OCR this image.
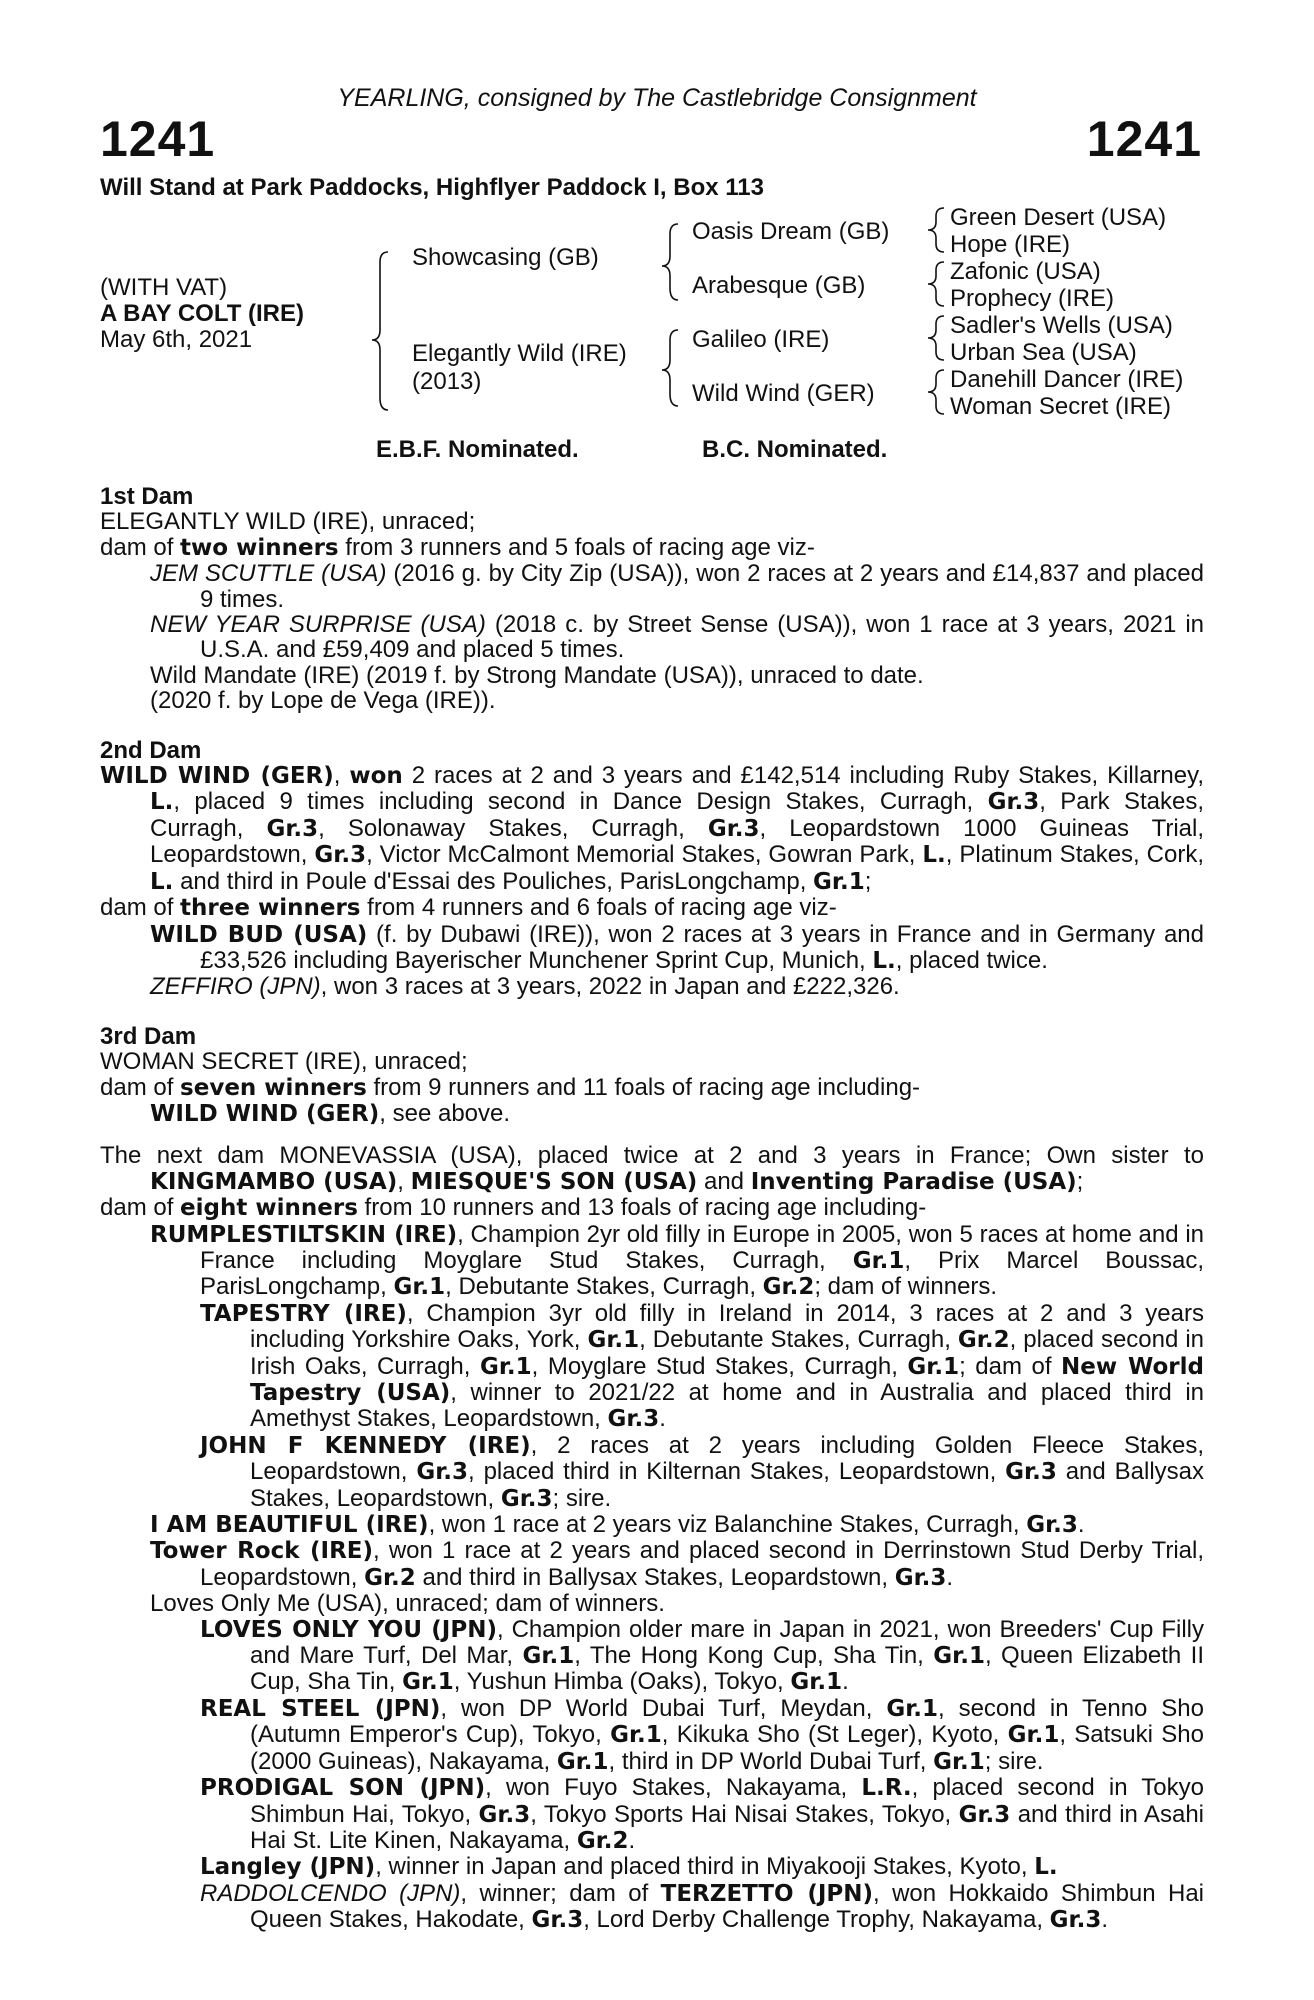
YEARLING, consigned by The Castlebridge Consignment
1241	1241
Will Stand at Park Paddocks, Highflyer Paddock I, Box 113
(WITH VAT)
A BAY COLT (IRE)
May 6th, 2021
Showcasing (GB)
Elegantly Wild (IRE)
(2013)
Oasis Dream (GB)
Arabesque (GB)
Galileo (IRE)
Wild Wind (GER)
Green Desert (USA)
Hope (IRE)
Zafonic (USA)
Prophecy (IRE)
Sadler's Wells (USA)
Urban Sea (USA)
Danehill Dancer (IRE)
Woman Secret (IRE)
E.B.F. Nominated.	B.C. Nominated.

1st Dam

ELEGANTLY WILD (IRE), unraced;

dam of two winners from 3 runners and 5 foals of racing age viz-

JEM SCUTTLE (USA) (2016 g. by City Zip (USA)), won 2 races at 2 years and £14,837 and placed 9 times.

NEW YEAR SURPRISE (USA) (2018 c. by Street Sense (USA)), won 1 race at 3 years, 2021 in U.S.A. and £59,409 and placed 5 times.

Wild Mandate (IRE) (2019 f. by Strong Mandate (USA)), unraced to date.

(2020 f. by Lope de Vega (IRE)).

2nd Dam

WILD WIND (GER), won 2 races at 2 and 3 years and £142,514 including Ruby Stakes, Killarney, L., placed 9 times including second in Dance Design Stakes, Curragh, Gr.3, Park Stakes, Curragh, Gr.3, Solonaway Stakes, Curragh, Gr.3, Leopardstown 1000 Guineas Trial, Leopardstown, Gr.3, Victor McCalmont Memorial Stakes, Gowran Park, L., Platinum Stakes, Cork, L. and third in Poule d'Essai des Pouliches, ParisLongchamp, Gr.1;

dam of three winners from 4 runners and 6 foals of racing age viz-

WILD BUD (USA) (f. by Dubawi (IRE)), won 2 races at 3 years in France and in Germany and £33,526 including Bayerischer Munchener Sprint Cup, Munich, L., placed twice.

ZEFFIRO (JPN), won 3 races at 3 years, 2022 in Japan and £222,326.

3rd Dam

WOMAN SECRET (IRE), unraced;

dam of seven winners from 9 runners and 11 foals of racing age including-

WILD WIND (GER), see above.

The next dam MONEVASSIA (USA), placed twice at 2 and 3 years in France; Own sister to KINGMAMBO (USA), MIESQUE'S SON (USA) and Inventing Paradise (USA);

dam of eight winners from 10 runners and 13 foals of racing age including-

RUMPLESTILTSKIN (IRE), Champion 2yr old filly in Europe in 2005, won 5 races at home and in France including Moyglare Stud Stakes, Curragh, Gr.1, Prix Marcel Boussac, ParisLongchamp, Gr.1, Debutante Stakes, Curragh, Gr.2; dam of winners.

TAPESTRY (IRE), Champion 3yr old filly in Ireland in 2014, 3 races at 2 and 3 years including Yorkshire Oaks, York, Gr.1, Debutante Stakes, Curragh, Gr.2, placed second in Irish Oaks, Curragh, Gr.1, Moyglare Stud Stakes, Curragh, Gr.1; dam of New World Tapestry (USA), winner to 2021/22 at home and in Australia and placed third in Amethyst Stakes, Leopardstown, Gr.3.

JOHN F KENNEDY (IRE), 2 races at 2 years including Golden Fleece Stakes, Leopardstown, Gr.3, placed third in Kilternan Stakes, Leopardstown, Gr.3 and Ballysax Stakes, Leopardstown, Gr.3; sire.

I AM BEAUTIFUL (IRE), won 1 race at 2 years viz Balanchine Stakes, Curragh, Gr.3.

Tower Rock (IRE), won 1 race at 2 years and placed second in Derrinstown Stud Derby Trial, Leopardstown, Gr.2 and third in Ballysax Stakes, Leopardstown, Gr.3.

Loves Only Me (USA), unraced; dam of winners.

LOVES ONLY YOU (JPN), Champion older mare in Japan in 2021, won Breeders' Cup Filly and Mare Turf, Del Mar, Gr.1, The Hong Kong Cup, Sha Tin, Gr.1, Queen Elizabeth II Cup, Sha Tin, Gr.1, Yushun Himba (Oaks), Tokyo, Gr.1.

REAL STEEL (JPN), won DP World Dubai Turf, Meydan, Gr.1, second in Tenno Sho (Autumn Emperor's Cup), Tokyo, Gr.1, Kikuka Sho (St Leger), Kyoto, Gr.1, Satsuki Sho (2000 Guineas), Nakayama, Gr.1, third in DP World Dubai Turf, Gr.1; sire.

PRODIGAL SON (JPN), won Fuyo Stakes, Nakayama, L.R., placed second in Tokyo Shimbun Hai, Tokyo, Gr.3, Tokyo Sports Hai Nisai Stakes, Tokyo, Gr.3 and third in Asahi Hai St. Lite Kinen, Nakayama, Gr.2.

Langley (JPN), winner in Japan and placed third in Miyakooji Stakes, Kyoto, L.

RADDOLCENDO (JPN), winner; dam of TERZETTO (JPN), won Hokkaido Shimbun Hai Queen Stakes, Hakodate, Gr.3, Lord Derby Challenge Trophy, Nakayama, Gr.3.
